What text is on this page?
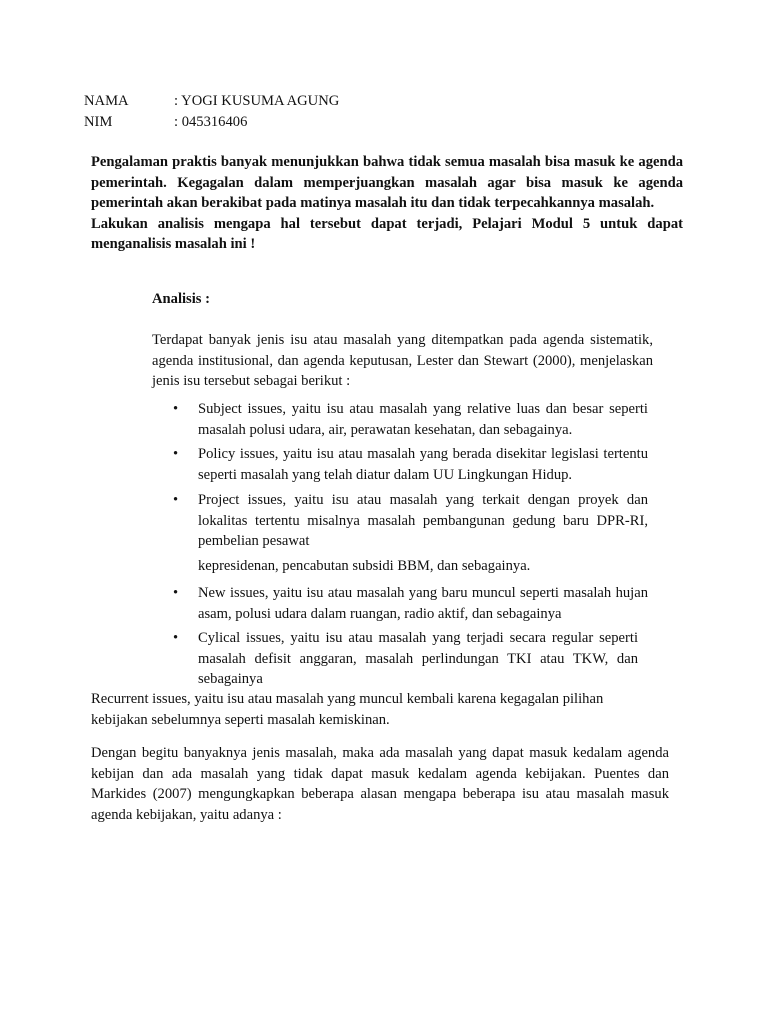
NAMA	: YOGI KUSUMA AGUNG
NIM	: 045316406

Pengalaman praktis banyak menunjukkan bahwa tidak semua masalah bisa masuk ke agenda pemerintah. Kegagalan dalam memperjuangkan masalah agar bisa masuk ke agenda pemerintah akan berakibat pada matinya masalah itu dan tidak terpecahkannya masalah.

Lakukan analisis mengapa hal tersebut dapat terjadi, Pelajari Modul 5 untuk dapat menganalisis masalah ini !

Analisis :
Terdapat banyak jenis isu atau masalah yang ditempatkan pada agenda sistematik, agenda institusional, dan agenda keputusan, Lester dan Stewart (2000), menjelaskan jenis isu tersebut sebagai berikut :
• Subject issues, yaitu isu atau masalah yang relative luas dan besar seperti masalah polusi udara, air, perawatan kesehatan, dan sebagainya.
• Policy issues, yaitu isu atau masalah yang berada disekitar legislasi tertentu seperti masalah yang telah diatur dalam UU Lingkungan Hidup.
• Project issues, yaitu isu atau masalah yang terkait dengan proyek dan lokalitas tertentu misalnya masalah pembangunan gedung baru DPR-RI, pembelian pesawat
kepresidenan, pencabutan subsidi BBM, dan sebagainya.
• New issues, yaitu isu atau masalah yang baru muncul seperti masalah hujan asam, polusi udara dalam ruangan, radio aktif, dan sebagainya
• Cylical issues, yaitu isu atau masalah yang terjadi secara regular seperti masalah defisit anggaran, masalah perlindungan TKI atau TKW, dan sebagainya
Recurrent issues, yaitu isu atau masalah yang muncul kembali karena kegagalan pilihan kebijakan sebelumnya seperti masalah kemiskinan.
Dengan begitu banyaknya jenis masalah, maka ada masalah yang dapat masuk kedalam agenda kebijan dan ada masalah yang tidak dapat masuk kedalam agenda kebijakan. Puentes dan Markides (2007) mengungkapkan beberapa alasan mengapa beberapa isu atau masalah masuk agenda kebijakan, yaitu adanya :
